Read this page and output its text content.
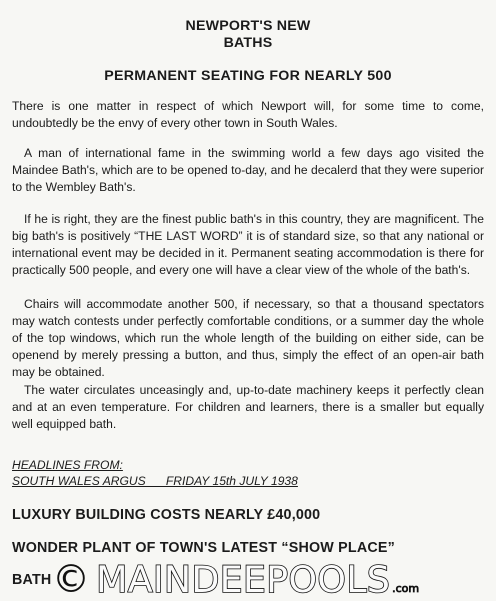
NEWPORT'S NEW
BATHS
PERMANENT SEATING FOR NEARLY 500
There is one matter in respect of which Newport will, for some time to come, undoubtedly be the envy of every other town in South Wales.
A man of international fame in the swimming world a few days ago visited the Maindee Bath's, which are to be opened to-day, and he decalerd that they were superior to the Wembley Bath's.
If he is right, they are the finest public bath's in this country, they are magnificent. The big bath's is positively “THE LAST WORD” it is of standard size, so that any national or international event may be decided in it. Permanent seating accommodation is there for practically 500 people, and every one will have a clear view of the whole of the bath's.
Chairs will accommodate another 500, if necessary, so that a thousand spectators may watch contests under perfectly comfortable conditions, or a summer day the whole of the top windows, which run the whole length of the building on either side, can be openend by merely pressing a button, and thus, simply the effect of an open-air bath may be obtained.
The water circulates unceasingly and, up-to-date machinery keeps it perfectly clean and at an even temperature. For children and learners, there is a smaller but equally well equipped bath.
HEADLINES FROM:
SOUTH WALES ARGUS      FRIDAY 15th JULY 1938
LUXURY BUILDING COSTS NEARLY £40,000
WONDER PLANT OF TOWN'S LATEST “SHOW PLACE”
BATH © MAINDEEPOOLS .com
